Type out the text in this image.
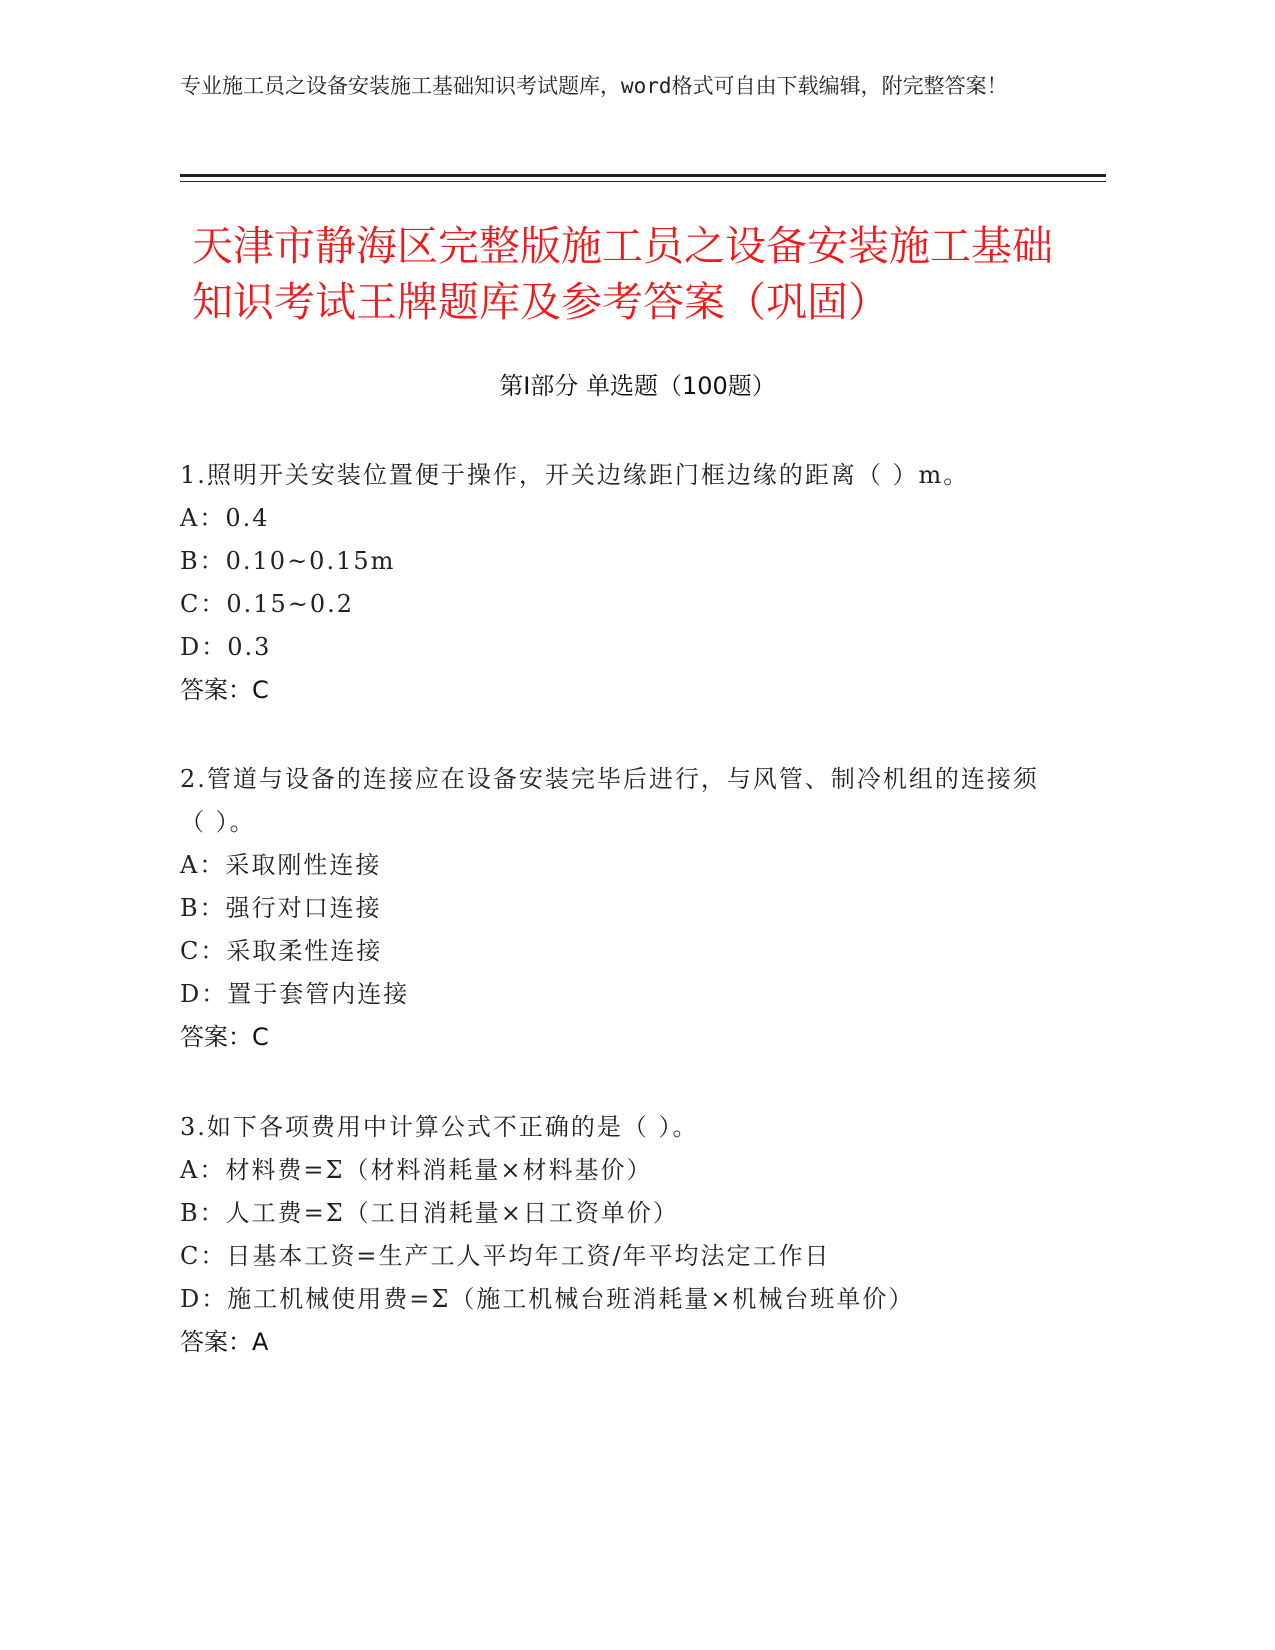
专业施工员之设备安装施工基础知识考试题库，word格式可自由下载编辑，附完整答案！
天津市静海区完整版施工员之设备安装施工基础知识考试王牌题库及参考答案（巩固）
第Ⅰ部分 单选题（100题）
1.照明开关安装位置便于操作，开关边缘距门框边缘的距离（ ）m。
A：0.4
B：0.10~0.15m
C：0.15~0.2
D：0.3
答案：C
2.管道与设备的连接应在设备安装完毕后进行，与风管、制冷机组的连接须（ ）。
A：采取刚性连接
B：强行对口连接
C：采取柔性连接
D：置于套管内连接
答案：C
3.如下各项费用中计算公式不正确的是（ ）。
A：材料费=Σ（材料消耗量×材料基价）
B：人工费=Σ（工日消耗量×日工资单价）
C：日基本工资=生产工人平均年工资/年平均法定工作日
D：施工机械使用费=Σ（施工机械台班消耗量×机械台班单价）
答案：A
